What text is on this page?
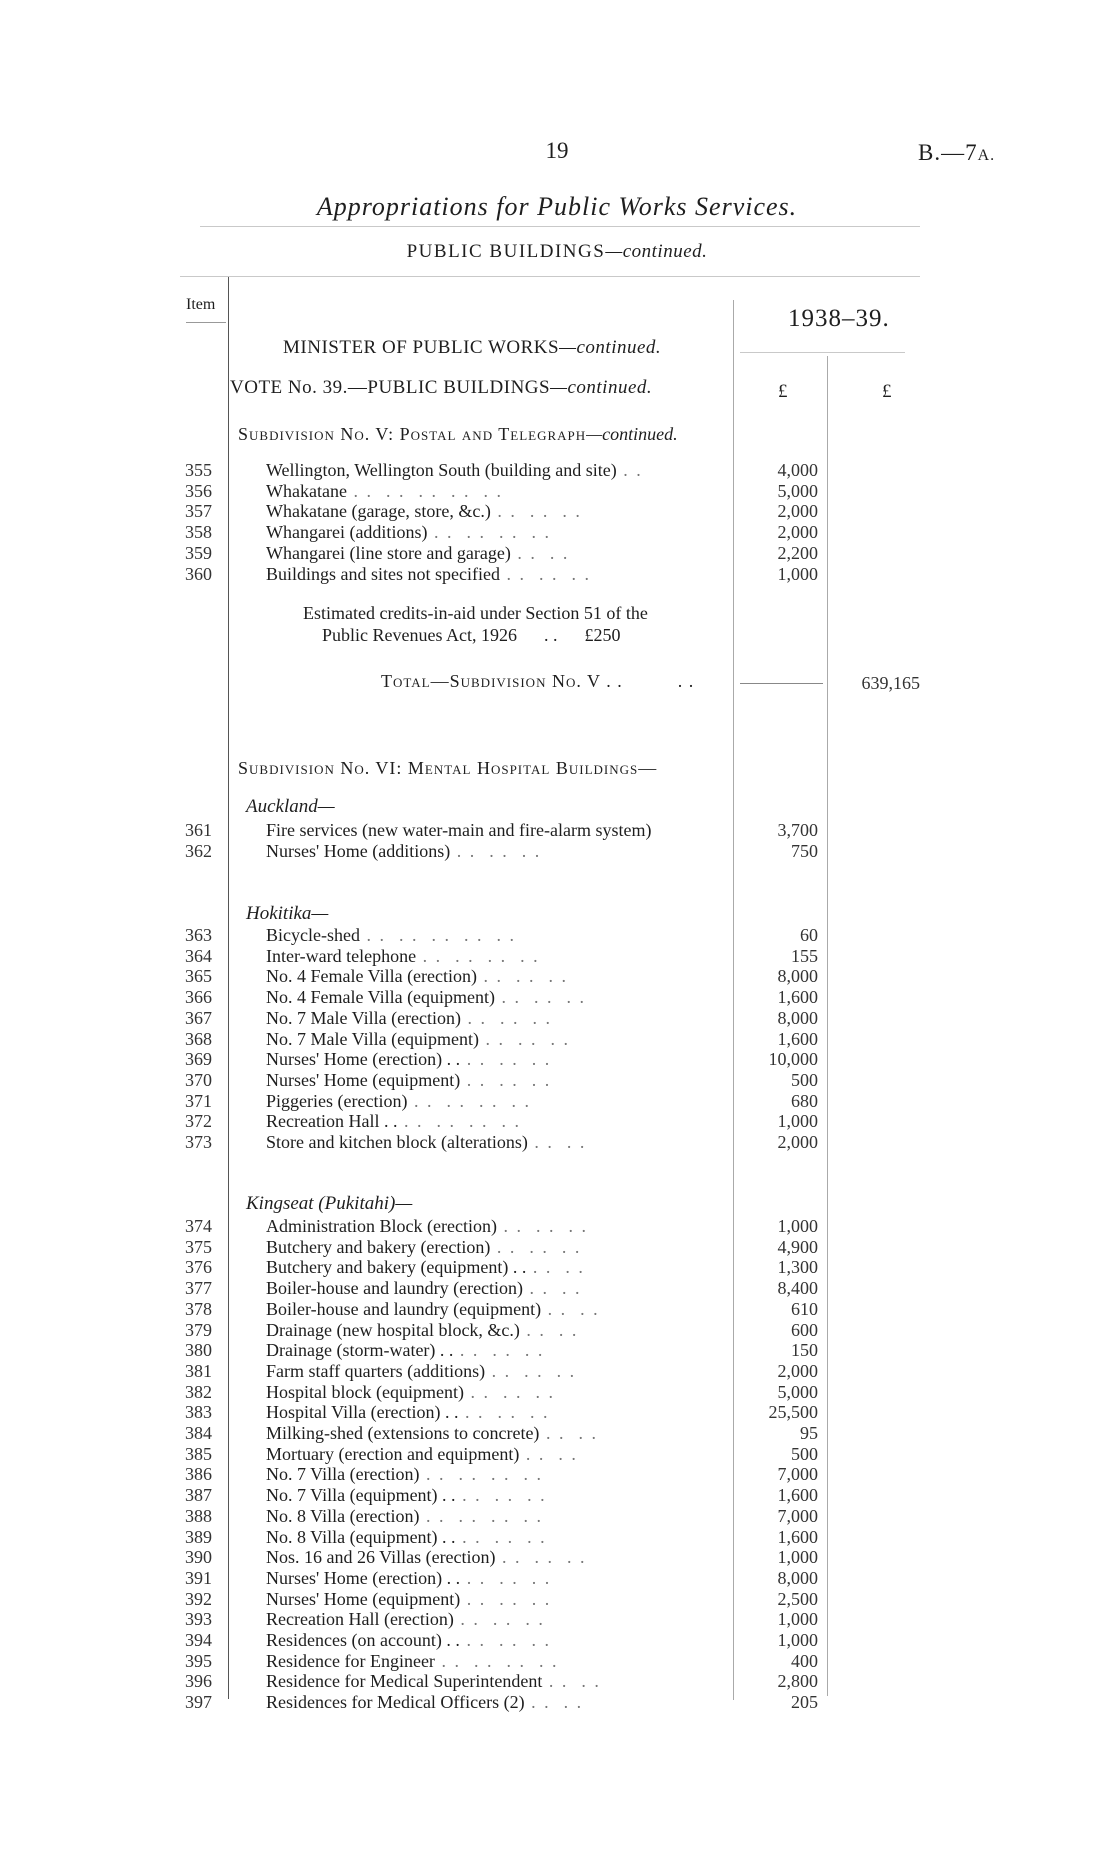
19	B.—7A.
Appropriations for Public Works Services.
PUBLIC BUILDINGS—continued.
Item
1938–39.
MINISTER OF PUBLIC WORKS—continued.
VOTE No. 39.—PUBLIC BUILDINGS—continued.	£	£
Subdivision No. V: Postal and Telegraph—continued.
355	Wellington, Wellington South (building and site) . .	4,000
356	Whakatane . .  . .  . .  . .  . .	5,000
357	Whakatane (garage, store, &c.) . .  . .  . .	2,000
358	Whangarei (additions) . .  . .  . .  . .	2,000
359	Whangarei (line store and garage) . .  . .	2,200
360	Buildings and sites not specified . .  . .  . .	1,000
Estimated credits-in-aid under Section 51 of the
Public Revenues Act, 1926      . .      £250
Total—Subdivision No. V . .          . .	639,165
Subdivision No. VI: Mental Hospital Buildings—
Auckland—
361	Fire services (new water-main and fire-alarm system)	3,700
362	Nurses' Home (additions) . .  . .  . .	750
Hokitika—
363	Bicycle-shed . .  . .  . .  . .  . .	60
364	Inter-ward telephone . .  . .  . .  . .	155
365	No. 4 Female Villa (erection) . .  . .  . .	8,000
366	No. 4 Female Villa (equipment) . .  . .  . .	1,600
367	No. 7 Male Villa (erection) . .  . .  . .	8,000
368	No. 7 Male Villa (equipment) . .  . .  . .	1,600
369	Nurses' Home (erection) . . . .  . .  . .	10,000
370	Nurses' Home (equipment) . .  . .  . .	500
371	Piggeries (erection) . .  . .  . .  . .	680
372	Recreation Hall . . . .  . .  . .  . .	1,000
373	Store and kitchen block (alterations) . .  . .	2,000
Kingseat (Pukitahi)—
374	Administration Block (erection) . .  . .  . .	1,000
375	Butchery and bakery (erection) . .  . .  . .	4,900
376	Butchery and bakery (equipment) . . . .  . .	1,300
377	Boiler-house and laundry (erection) . .  . .	8,400
378	Boiler-house and laundry (equipment) . .  . .	610
379	Drainage (new hospital block, &c.) . .  . .	600
380	Drainage (storm-water) . . . .  . .  . .	150
381	Farm staff quarters (additions) . .  . .  . .	2,000
382	Hospital block (equipment) . .  . .  . .	5,000
383	Hospital Villa (erection) . . . .  . .  . .	25,500
384	Milking-shed (extensions to concrete) . .  . .	95
385	Mortuary (erection and equipment) . .  . .	500
386	No. 7 Villa (erection) . .  . .  . .  . .	7,000
387	No. 7 Villa (equipment) . . . .  . .  . .	1,600
388	No. 8 Villa (erection) . .  . .  . .  . .	7,000
389	No. 8 Villa (equipment) . . . .  . .  . .	1,600
390	Nos. 16 and 26 Villas (erection) . .  . .  . .	1,000
391	Nurses' Home (erection) . . . .  . .  . .	8,000
392	Nurses' Home (equipment) . .  . .  . .	2,500
393	Recreation Hall (erection) . .  . .  . .	1,000
394	Residences (on account) . . . .  . .  . .	1,000
395	Residence for Engineer . .  . .  . .  . .	400
396	Residence for Medical Superintendent . .  . .	2,800
397	Residences for Medical Officers (2) . .  . .	205
